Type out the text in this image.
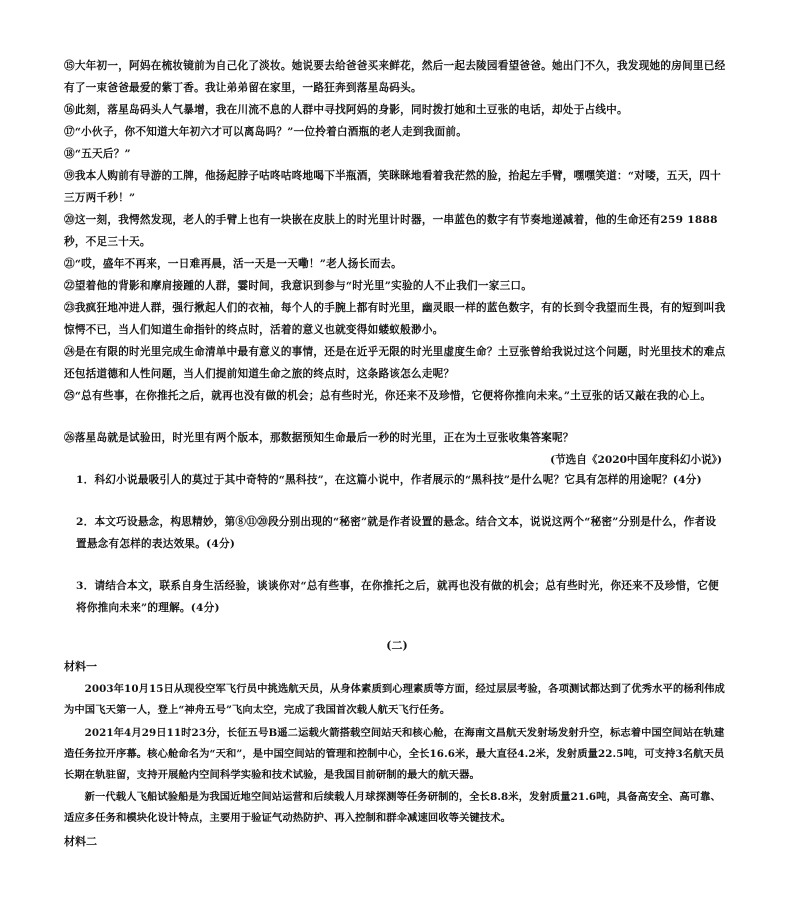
⑮大年初一，阿妈在梳妆镜前为自己化了淡妆。她说要去给爸爸买来鲜花，然后一起去陵园看望爸爸。她出门不久，我发现她的房间里已经有了一束爸爸最爱的紫丁香。我让弟弟留在家里，一路狂奔到落星岛码头。
⑯此刻，落星岛码头人气暴增，我在川流不息的人群中寻找阿妈的身影，同时拨打她和土豆张的电话，却处于占线中。
⑰“小伙子，你不知道大年初六才可以离岛吗？”一位拎着白酒瓶的老人走到我面前。
⑱“五天后？”
⑲我本人购前有导游的工牌，他扬起脖子咕咚咕咚地喝下半瓶酒，笑眯眯地看着我茫然的脸，抬起左手臂，嘿嘿笑道：“对喽，五天，四十三万两千秒！”
⑳这一刻，我愕然发现，老人的手臂上也有一块嵌在皮肤上的时光里计时器，一串蓝色的数字有节奏地递减着，他的生命还有259 1888秒，不足三十天。
㉑“哎，盛年不再来，一日难再晨，活一天是一天嘞！”老人扬长而去。
㉒望着他的背影和摩肩接踵的人群，霎时间，我意识到参与“时光里”实验的人不止我们一家三口。
㉓我疯狂地冲进人群，强行揪起人们的衣袖，每个人的手腕上都有时光里，幽灵眼一样的蓝色数字，有的长到令我望而生畏，有的短到叫我惊愕不已，当人们知道生命指针的终点时，活着的意义也就变得如蝼蚁般渺小。
㉔是在有限的时光里完成生命清单中最有意义的事情，还是在近乎无限的时光里虚度生命？土豆张曾给我说过这个问题，时光里技术的难点还包括道德和人性问题，当人们提前知道生命之旅的终点时，这条路该怎么走呢？
㉕“总有些事，在你推托之后，就再也没有做的机会；总有些时光，你还来不及珍惜，它便将你推向未来。”土豆张的话又敲在我的心上。
㉖落星岛就是试验田，时光里有两个版本，那数据预知生命最后一秒的时光里，正在为土豆张收集答案呢？
(节选自《2020中国年度科幻小说》)
1．科幻小说最吸引人的莫过于其中奇特的“黑科技”，在这篇小说中，作者展示的“黑科技”是什么呢？它具有怎样的用途呢？(4分)
2．本文巧设悬念，构思精妙，第⑧⑪⑳段分别出现的“秘密”就是作者设置的悬念。结合文本，说说这两个“秘密”分别是什么，作者设置悬念有怎样的表达效果。(4分)
3．请结合本文，联系自身生活经验，谈谈你对“总有些事，在你推托之后，就再也没有做的机会；总有些时光，你还来不及珍惜，它便将你推向未来”的理解。(4分)
(二)
材料一
2003年10月15日从现役空军飞行员中挑选航天员，从身体素质到心理素质等方面，经过层层考验，各项测试都达到了优秀水平的杨利伟成为中国飞天第一人，登上“神舟五号”飞向太空，完成了我国首次载人航天飞行任务。
2021年4月29日11时23分，长征五号B遥二运载火箭搭载空间站天和核心舱，在海南文昌航天发射场发射升空，标志着中国空间站在轨建造任务拉开序幕。核心舱命名为“天和”，是中国空间站的管理和控制中心，全长16.6米，最大直径4.2米，发射质量22.5吨，可支持3名航天员长期在轨驻留，支持开展舱内空间科学实验和技术试验，是我国目前研制的最大的航天器。
新一代载人飞船试验船是为我国近地空间站运营和后续载人月球探测等任务研制的，全长8.8米，发射质量21.6吨，具备高安全、高可靠、适应多任务和模块化设计特点，主要用于验证气动热防护、再入控制和群伞减速回收等关键技术。
材料二
